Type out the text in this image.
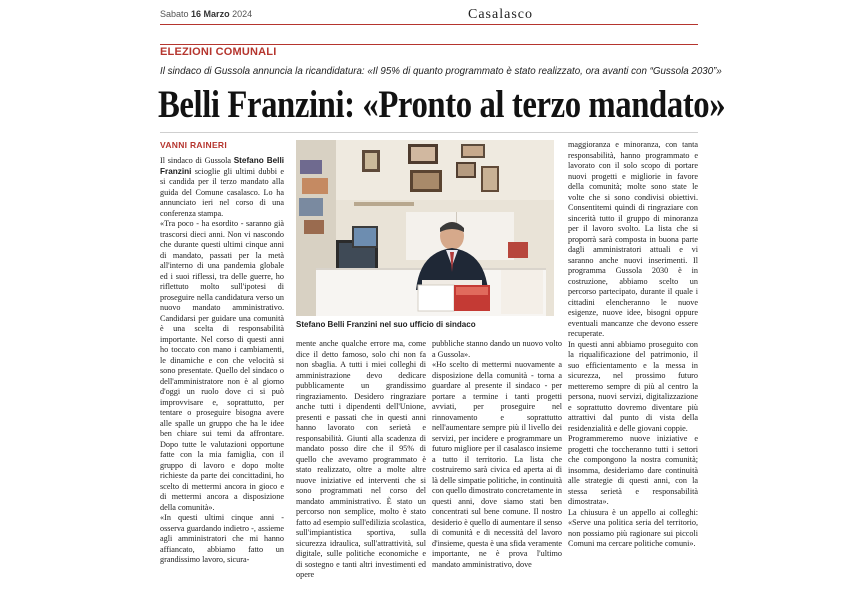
Sabato 16 Marzo 2024	Casalasco
ELEZIONI COMUNALI
Il sindaco di Gussola annuncia la ricandidatura: «Il 95% di quanto programmato è stato realizzato, ora avanti con “Gussola 2030”»
Belli Franzini: «Pronto al terzo mandato»
VANNI RAINERI

Il sindaco di Gussola Stefano Belli Franzini scioglie gli ultimi dubbi e si candida per il terzo mandato alla guida del Comune casalasco. Lo ha annunciato ieri nel corso di una conferenza stampa.

«Tra poco - ha esordito - saranno già trascorsi dieci anni. Non vi nascondo che durante questi ultimi cinque anni di mandato, passati per la metà all'interno di una pandemia globale ed i suoi riflessi, tra delle guerre, ho riflettuto molto sull'ipotesi di proseguire nella candidatura verso un nuovo mandato amministrativo. Candidarsi per guidare una comunità è una scelta di responsabilità importante. Nel corso di questi anni ho toccato con mano i cambiamenti, le dinamiche e con che velocità si sono presentate. Quello del sindaco o dell'amministratore non è al giorno d'oggi un ruolo dove ci si può improvvisare e, soprattutto, per tentare o proseguire bisogna avere alle spalle un gruppo che ha le idee ben chiare sui temi da affrontare. Dopo tutte le valutazioni opportune fatte con la mia famiglia, con il gruppo di lavoro e dopo molte richieste da parte dei concittadini, ho scelto di mettermi ancora in gioco e di mettermi ancora a disposizione della comunità».

«In questi ultimi cinque anni - osserva guardando indietro -, assieme agli amministratori che mi hanno affiancato, abbiamo fatto un grandissimo lavoro, sicura-

Stefano Belli Franzini nel suo ufficio di sindaco

mente anche qualche errore ma, come dice il detto famoso, solo chi non fa non sbaglia. A tutti i miei colleghi di amministrazione devo dedicare pubblicamente un grandissimo ringraziamento. Desidero ringraziare anche tutti i dipendenti dell'Unione, presenti e passati che in questi anni hanno lavorato con serietà e responsabilità. Giunti alla scadenza di mandato posso dire che il 95% di quello che avevamo programmato è stato realizzato, oltre a molte altre nuove iniziative ed interventi che si sono programmati nel corso del mandato amministrativo. È stato un percorso non semplice, molto è stato fatto ad esempio sull'edilizia scolastica, sull'impiantistica sportiva, sulla sicurezza idraulica, sull'attrattività, sul digitale, sulle politiche economiche e di sostegno e tanti altri investimenti ed opere

pubbliche stanno dando un nuovo volto a Gussola».

«Ho scelto di mettermi nuovamente a disposizione della comunità - torna a guardare al presente il sindaco - per portare a termine i tanti progetti avviati, per proseguire nel rinnovamento e soprattutto nell'aumentare sempre più il livello dei servizi, per incidere e programmare un futuro migliore per il casalasco insieme a tutto il territorio. La lista che costruiremo sarà civica ed aperta ai di là delle simpatie politiche, in continuità con quello dimostrato concretamente in questi anni, dove siamo stati ben concentrati sul bene comune. Il nostro desiderio è quello di aumentare il senso di comunità e di necessità del lavoro d'insieme, questa è una sfida veramente importante, ne è prova l'ultimo mandato amministrativo, dove

maggioranza e minoranza, con tanta responsabilità, hanno programmato e lavorato con il solo scopo di portare nuovi progetti e migliorie in favore della comunità; molte sono state le volte che si sono condivisi obiettivi. Consentitemi quindi di ringraziare con sincerità tutto il gruppo di minoranza per il lavoro svolto. La lista che si proporrà sarà composta in buona parte dagli amministratori attuali e vi saranno anche nuovi inserimenti. Il programma Gussola 2030 è in costruzione, abbiamo scelto un percorso partecipato, durante il quale i cittadini elencheranno le nuove esigenze, nuove idee, bisogni oppure eventuali mancanze che devono essere recuperate.

In questi anni abbiamo proseguito con la riqualificazione del patrimonio, il suo efficientamento e la messa in sicurezza, nel prossimo futuro metteremo sempre di più al centro la persona, nuovi servizi, digitalizzazione e soprattutto dovremo diventare più attrattivi dal punto di vista della residenzialità e delle giovani coppie.

Programmeremo nuove iniziative e progetti che toccheranno tutti i settori che compongono la nostra comunità; insomma, desideriamo dare continuità alle strategie di questi anni, con la stessa serietà e responsabilità dimostrata».

La chiusura è un appello ai colleghi: «Serve una politica seria del territorio, non possiamo più ragionare sui piccoli Comuni ma cercare politiche comuni».
